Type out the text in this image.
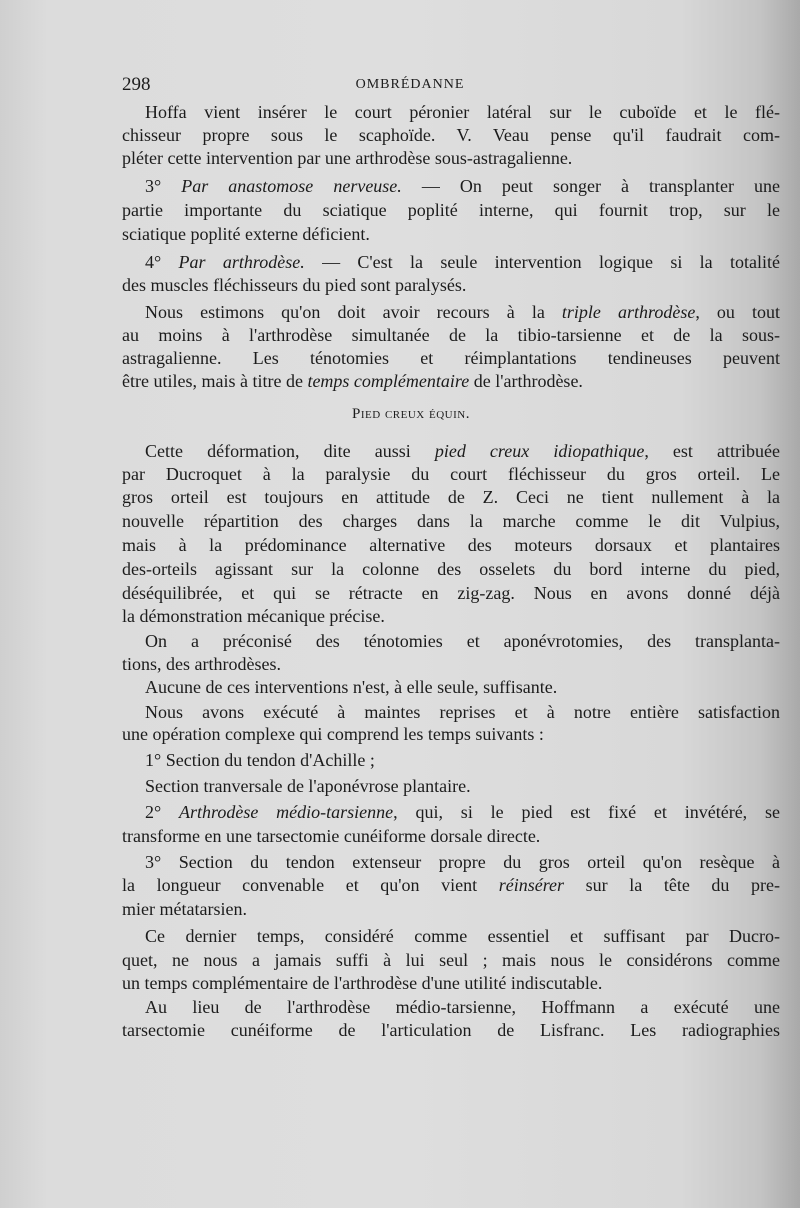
298	OMBRÉDANNE
Pied creux équin.
Hoffa vient insérer le court péronier latéral sur le cuboïde et le flé-
chisseur propre sous le scaphoïde. V. Veau pense qu'il faudrait com-
pléter cette intervention par une arthrodèse sous-astragalienne.
3° Par anastomose nerveuse. — On peut songer à transplanter une
partie importante du sciatique poplité interne, qui fournit trop, sur le
sciatique poplité externe déficient.
4° Par arthrodèse. — C'est la seule intervention logique si la totalité
des muscles fléchisseurs du pied sont paralysés.
Nous estimons qu'on doit avoir recours à la triple arthrodèse, ou tout
au moins à l'arthrodèse simultanée de la tibio-tarsienne et de la sous-
astragalienne. Les ténotomies et réimplantations tendineuses peuvent
être utiles, mais à titre de temps complémentaire de l'arthrodèse.
Cette déformation, dite aussi pied creux idiopathique, est attribuée
par Ducroquet à la paralysie du court fléchisseur du gros orteil. Le
gros orteil est toujours en attitude de Z. Ceci ne tient nullement à la
nouvelle répartition des charges dans la marche comme le dit Vulpius,
mais à la prédominance alternative des moteurs dorsaux et plantaires
des-orteils agissant sur la colonne des osselets du bord interne du pied,
déséquilibrée, et qui se rétracte en zig-zag. Nous en avons donné déjà
la démonstration mécanique précise.
On a préconisé des ténotomies et aponévrotomies, des transplanta-
tions, des arthrodèses.
Aucune de ces interventions n'est, à elle seule, suffisante.
Nous avons exécuté à maintes reprises et à notre entière satisfaction
une opération complexe qui comprend les temps suivants :
1° Section du tendon d'Achille ;
Section tranversale de l'aponévrose plantaire.
2° Arthrodèse médio-tarsienne, qui, si le pied est fixé et invétéré, se
transforme en une tarsectomie cunéiforme dorsale directe.
3° Section du tendon extenseur propre du gros orteil qu'on resèque à
la longueur convenable et qu'on vient réinsérer sur la tête du pre-
mier métatarsien.
Ce dernier temps, considéré comme essentiel et suffisant par Ducro-
quet, ne nous a jamais suffi à lui seul ; mais nous le considérons comme
un temps complémentaire de l'arthrodèse d'une utilité indiscutable.
Au lieu de l'arthrodèse médio-tarsienne, Hoffmann a exécuté une
tarsectomie cunéiforme de l'articulation de Lisfranc. Les radiographies
